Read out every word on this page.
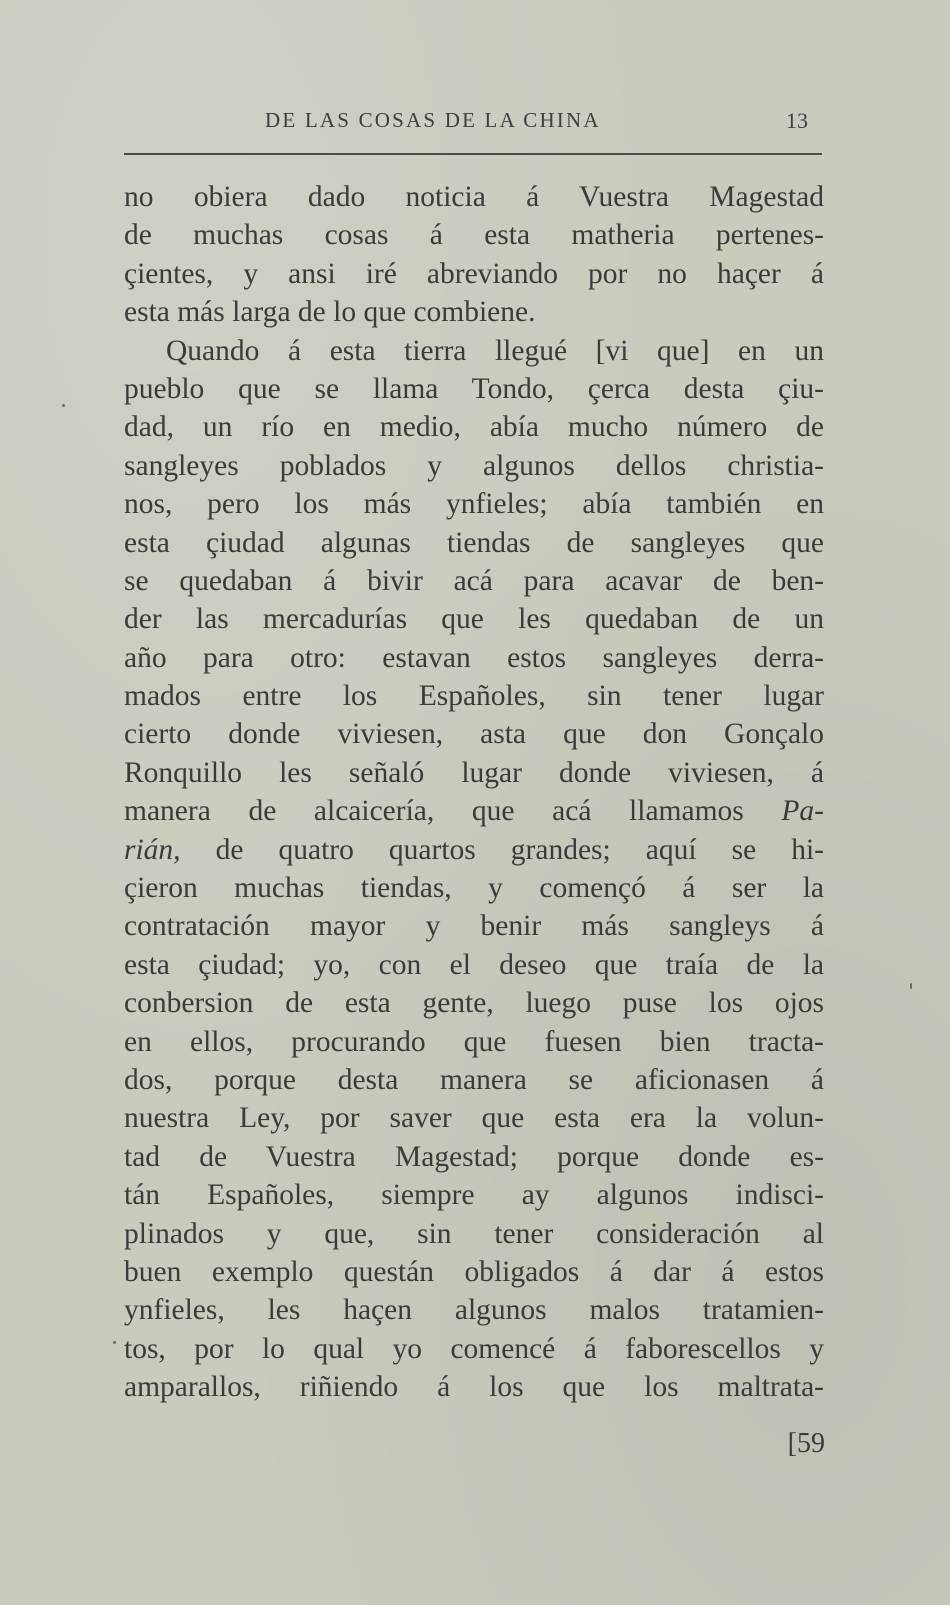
DE LAS COSAS DE LA CHINA	13
no obiera dado noticia á Vuestra Magestad
de muchas cosas á esta matheria pertenes-
çientes, y ansi iré abreviando por no haçer á
esta más larga de lo que combiene.
Quando á esta tierra llegué [vi que] en un
pueblo que se llama Tondo, çerca desta çiu-
dad, un río en medio, abía mucho número de
sangleyes poblados y algunos dellos christia-
nos, pero los más ynfieles; abía también en
esta çiudad algunas tiendas de sangleyes que
se quedaban á bivir acá para acavar de ben-
der las mercadurías que les quedaban de un
año para otro: estavan estos sangleyes derra-
mados entre los Españoles, sin tener lugar
cierto donde viviesen, asta que don Gonçalo
Ronquillo les señaló lugar donde viviesen, á
manera de alcaicería, que acá llamamos Pa-
rián, de quatro quartos grandes; aquí se hi-
çieron muchas tiendas, y començó á ser la
contratación mayor y benir más sangleys á
esta çiudad; yo, con el deseo que traía de la
conbersion de esta gente, luego puse los ojos
en ellos, procurando que fuesen bien tracta-
dos, porque desta manera se aficionasen á
nuestra Ley, por saver que esta era la volun-
tad de Vuestra Magestad; porque donde es-
tán Españoles, siempre ay algunos indisci-
plinados y que, sin tener consideración al
buen exemplo questán obligados á dar á estos
ynfieles, les haçen algunos malos tratamien-
tos, por lo qual yo comencé á faborescellos y
amparallos, riñiendo á los que los maltrata-
[59
